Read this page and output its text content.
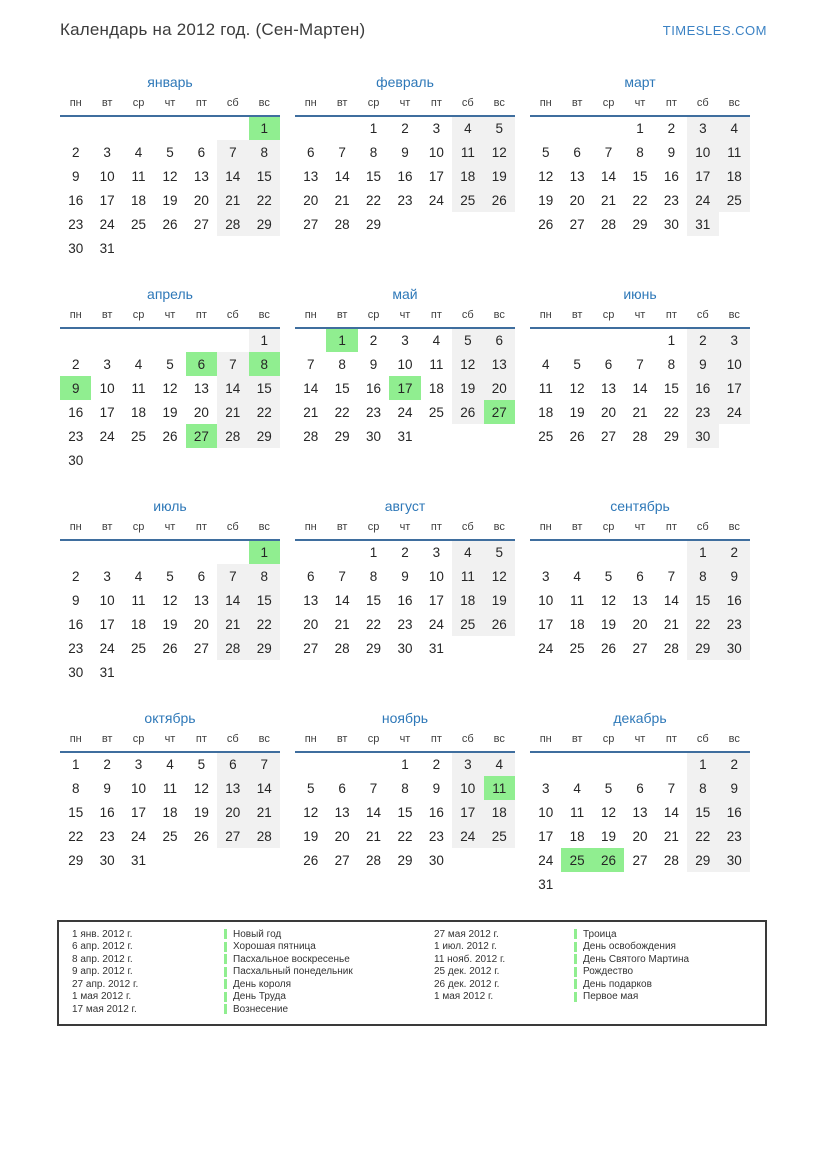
Календарь на 2012 год. (Сен-Мартен)	TIMESLES.COM
январь
пн	вт	ср	чт	пт	сб	вс
						1
2	3	4	5	6	7	8
9	10	11	12	13	14	15
16	17	18	19	20	21	22
23	24	25	26	27	28	29
30	31					
февраль
пн	вт	ср	чт	пт	сб	вс
		1	2	3	4	5
6	7	8	9	10	11	12
13	14	15	16	17	18	19
20	21	22	23	24	25	26
27	28	29				
март
пн	вт	ср	чт	пт	сб	вс
			1	2	3	4
5	6	7	8	9	10	11
12	13	14	15	16	17	18
19	20	21	22	23	24	25
26	27	28	29	30	31	
апрель
пн	вт	ср	чт	пт	сб	вс
						1
2	3	4	5	6	7	8
9	10	11	12	13	14	15
16	17	18	19	20	21	22
23	24	25	26	27	28	29
30						
май
пн	вт	ср	чт	пт	сб	вс
	1	2	3	4	5	6
7	8	9	10	11	12	13
14	15	16	17	18	19	20
21	22	23	24	25	26	27
28	29	30	31			
июнь
пн	вт	ср	чт	пт	сб	вс
				1	2	3
4	5	6	7	8	9	10
11	12	13	14	15	16	17
18	19	20	21	22	23	24
25	26	27	28	29	30	
июль
пн	вт	ср	чт	пт	сб	вс
						1
2	3	4	5	6	7	8
9	10	11	12	13	14	15
16	17	18	19	20	21	22
23	24	25	26	27	28	29
30	31					
август
пн	вт	ср	чт	пт	сб	вс
		1	2	3	4	5
6	7	8	9	10	11	12
13	14	15	16	17	18	19
20	21	22	23	24	25	26
27	28	29	30	31		
сентябрь
пн	вт	ср	чт	пт	сб	вс
					1	2
3	4	5	6	7	8	9
10	11	12	13	14	15	16
17	18	19	20	21	22	23
24	25	26	27	28	29	30
октябрь
пн	вт	ср	чт	пт	сб	вс
1	2	3	4	5	6	7
8	9	10	11	12	13	14
15	16	17	18	19	20	21
22	23	24	25	26	27	28
29	30	31				
ноябрь
пн	вт	ср	чт	пт	сб	вс
			1	2	3	4
5	6	7	8	9	10	11
12	13	14	15	16	17	18
19	20	21	22	23	24	25
26	27	28	29	30		
декабрь
пн	вт	ср	чт	пт	сб	вс
					1	2
3	4	5	6	7	8	9
10	11	12	13	14	15	16
17	18	19	20	21	22	23
24	25	26	27	28	29	30
31						
1 янв. 2012 г.	Новый год
6 апр. 2012 г.	Хорошая пятница
8 апр. 2012 г.	Пасхальное воскресенье
9 апр. 2012 г.	Пасхальный понедельник
27 апр. 2012 г.	День короля
1 мая 2012 г.	День Труда
17 мая 2012 г.	Вознесение
27 мая 2012 г.	Троица
1 июл. 2012 г.	День освобождения
11 нояб. 2012 г.	День Святого Мартина
25 дек. 2012 г.	Рождество
26 дек. 2012 г.	День подарков
1 мая 2012 г.	Первое мая
